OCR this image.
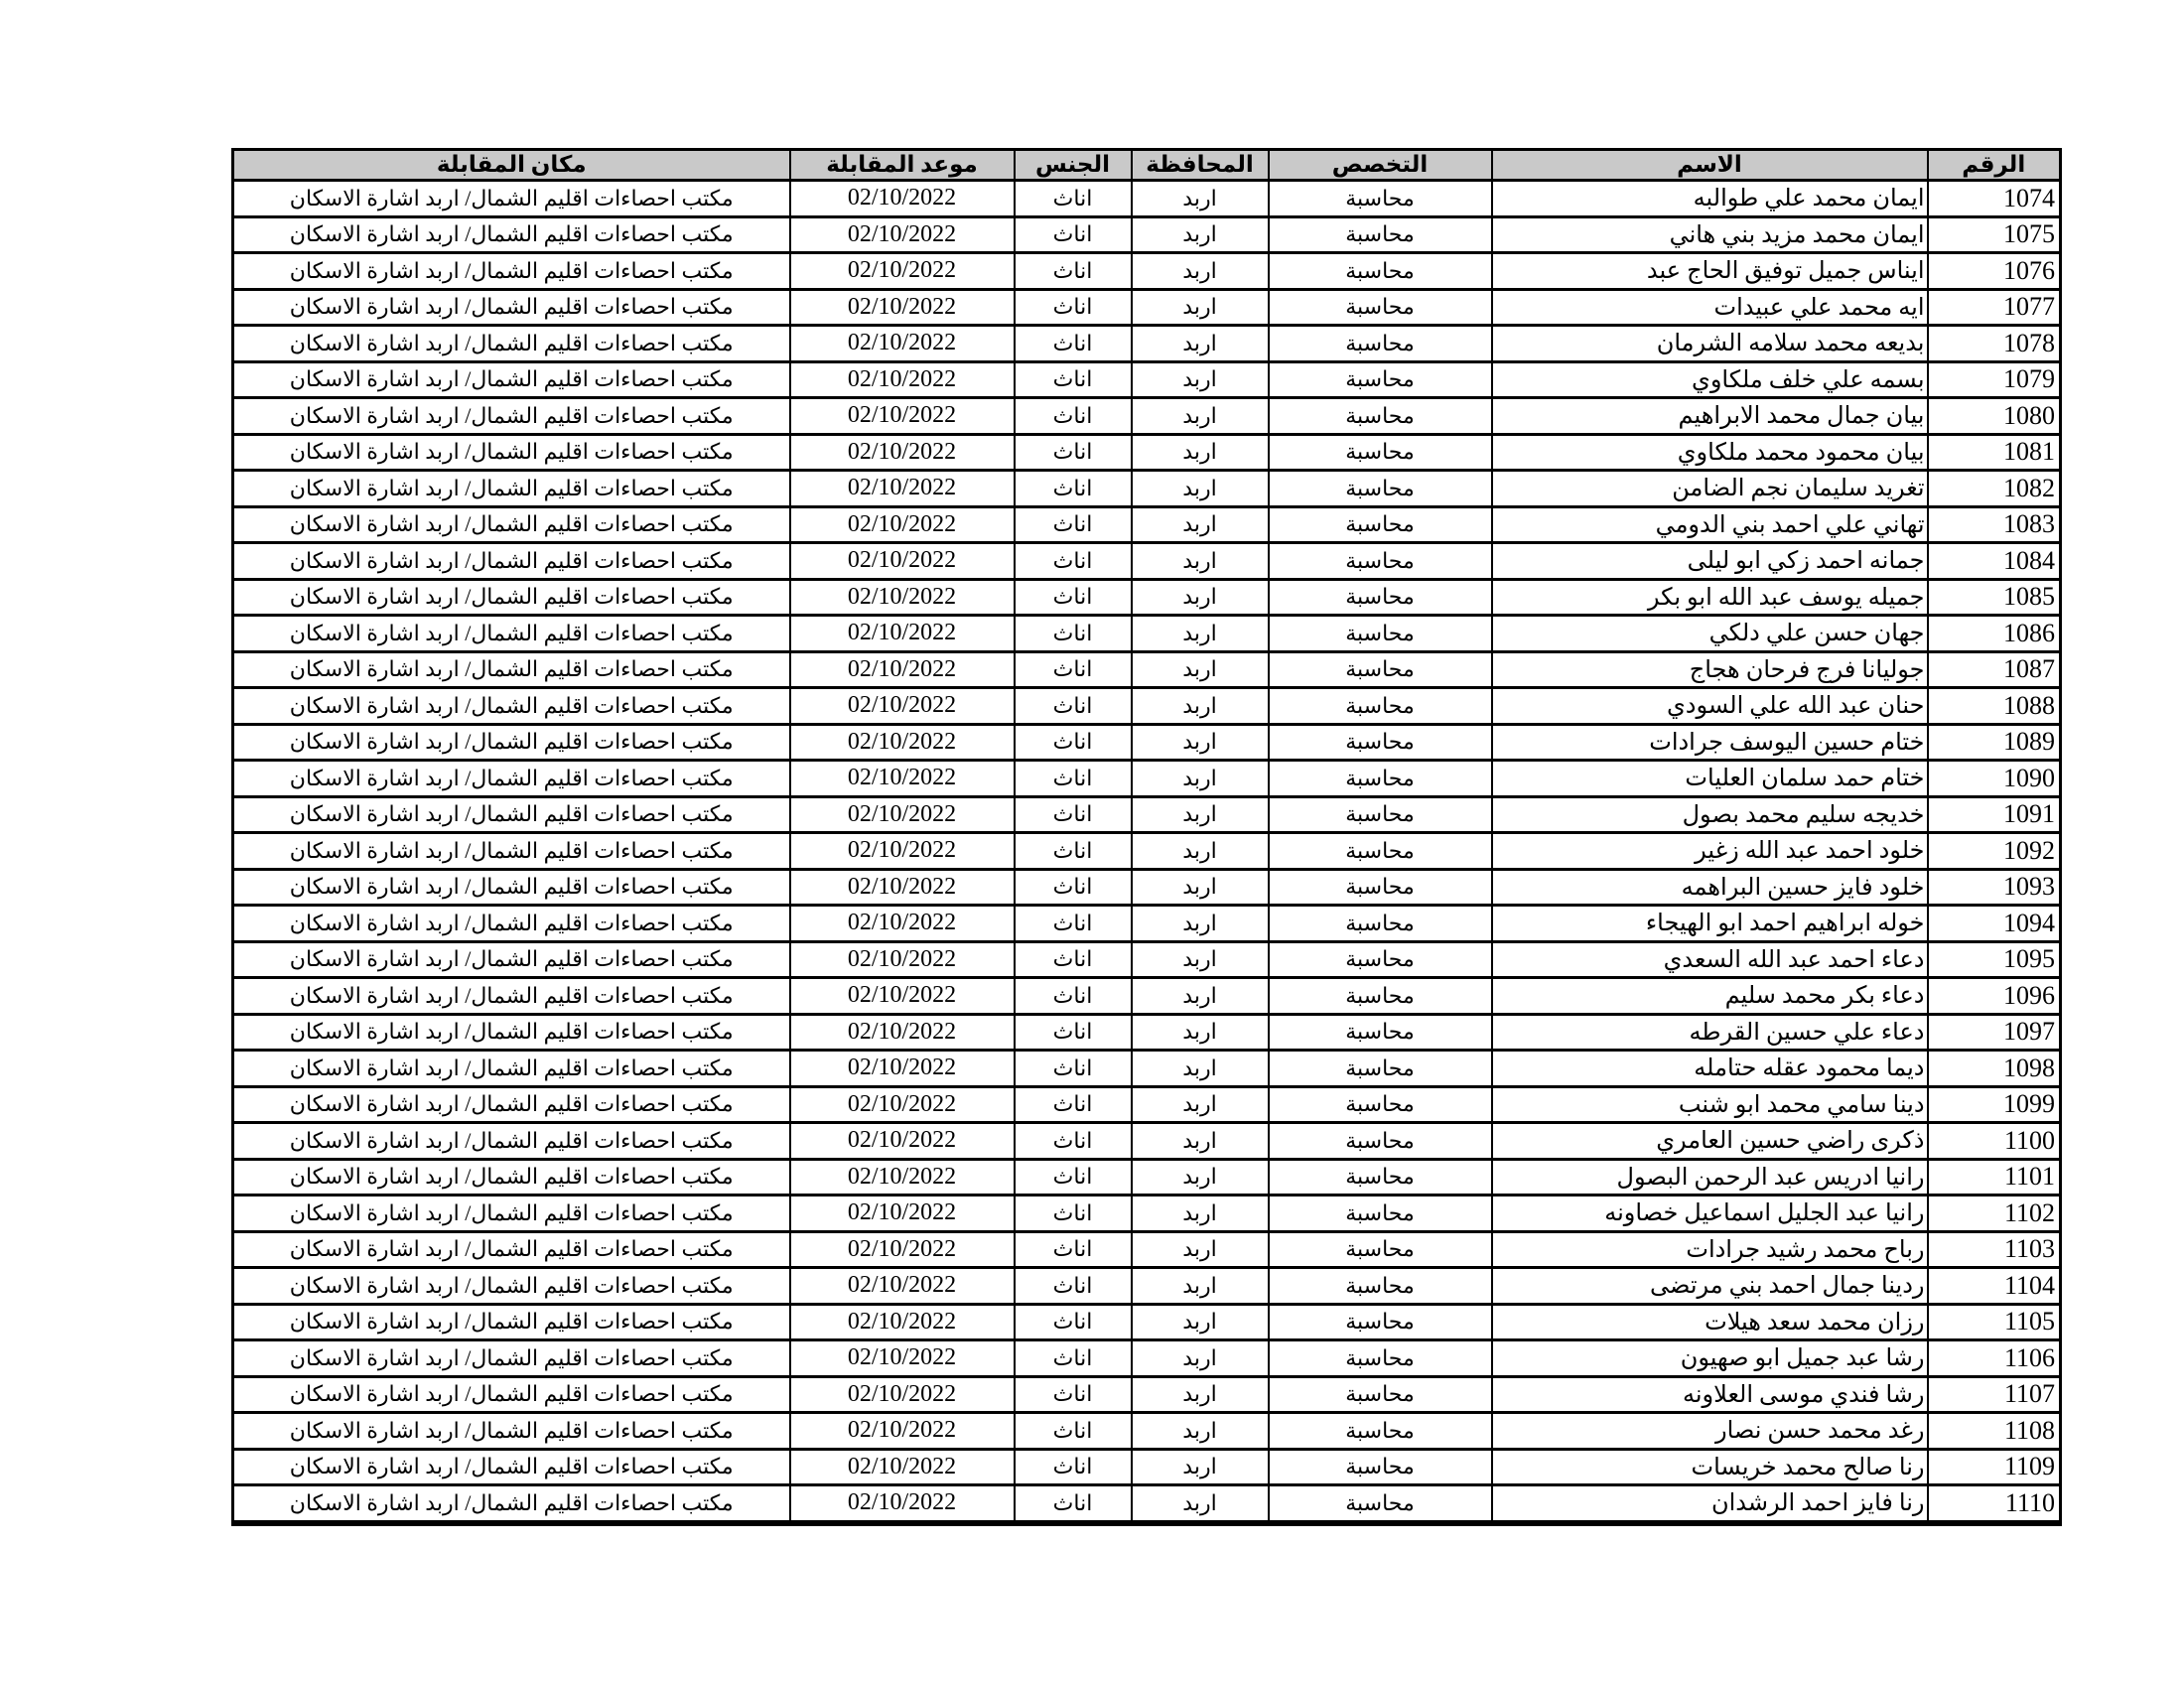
الرقم	الاسم	التخصص	المحافظة	الجنس	موعد المقابلة	مكان المقابلة
1074	ايمان محمد علي طوالبه	محاسبة	اربد	اناث	02/10/2022	مكتب احصاءات اقليم الشمال/ اربد اشارة الاسكان
1075	ايمان محمد مزيد بني هاني	محاسبة	اربد	اناث	02/10/2022	مكتب احصاءات اقليم الشمال/ اربد اشارة الاسكان
1076	ايناس جميل توفيق الحاج عبد	محاسبة	اربد	اناث	02/10/2022	مكتب احصاءات اقليم الشمال/ اربد اشارة الاسكان
1077	ايه محمد علي عبيدات	محاسبة	اربد	اناث	02/10/2022	مكتب احصاءات اقليم الشمال/ اربد اشارة الاسكان
1078	بديعه محمد سلامه الشرمان	محاسبة	اربد	اناث	02/10/2022	مكتب احصاءات اقليم الشمال/ اربد اشارة الاسكان
1079	بسمه علي خلف ملكاوي	محاسبة	اربد	اناث	02/10/2022	مكتب احصاءات اقليم الشمال/ اربد اشارة الاسكان
1080	بيان جمال محمد الابراهيم	محاسبة	اربد	اناث	02/10/2022	مكتب احصاءات اقليم الشمال/ اربد اشارة الاسكان
1081	بيان محمود محمد ملكاوي	محاسبة	اربد	اناث	02/10/2022	مكتب احصاءات اقليم الشمال/ اربد اشارة الاسكان
1082	تغريد سليمان نجم الضامن	محاسبة	اربد	اناث	02/10/2022	مكتب احصاءات اقليم الشمال/ اربد اشارة الاسكان
1083	تهاني علي احمد بني الدومي	محاسبة	اربد	اناث	02/10/2022	مكتب احصاءات اقليم الشمال/ اربد اشارة الاسكان
1084	جمانه احمد زكي ابو ليلى	محاسبة	اربد	اناث	02/10/2022	مكتب احصاءات اقليم الشمال/ اربد اشارة الاسكان
1085	جميله يوسف عبد الله ابو بكر	محاسبة	اربد	اناث	02/10/2022	مكتب احصاءات اقليم الشمال/ اربد اشارة الاسكان
1086	جهان حسن علي دلكي	محاسبة	اربد	اناث	02/10/2022	مكتب احصاءات اقليم الشمال/ اربد اشارة الاسكان
1087	جوليانا فرج فرحان هجاج	محاسبة	اربد	اناث	02/10/2022	مكتب احصاءات اقليم الشمال/ اربد اشارة الاسكان
1088	حنان عبد الله علي السودي	محاسبة	اربد	اناث	02/10/2022	مكتب احصاءات اقليم الشمال/ اربد اشارة الاسكان
1089	ختام حسين اليوسف جرادات	محاسبة	اربد	اناث	02/10/2022	مكتب احصاءات اقليم الشمال/ اربد اشارة الاسكان
1090	ختام حمد سلمان العليات	محاسبة	اربد	اناث	02/10/2022	مكتب احصاءات اقليم الشمال/ اربد اشارة الاسكان
1091	خديجه سليم محمد بصول	محاسبة	اربد	اناث	02/10/2022	مكتب احصاءات اقليم الشمال/ اربد اشارة الاسكان
1092	خلود احمد عبد الله زغير	محاسبة	اربد	اناث	02/10/2022	مكتب احصاءات اقليم الشمال/ اربد اشارة الاسكان
1093	خلود فايز حسين البراهمه	محاسبة	اربد	اناث	02/10/2022	مكتب احصاءات اقليم الشمال/ اربد اشارة الاسكان
1094	خوله ابراهيم احمد ابو الهيجاء	محاسبة	اربد	اناث	02/10/2022	مكتب احصاءات اقليم الشمال/ اربد اشارة الاسكان
1095	دعاء احمد عبد الله السعدي	محاسبة	اربد	اناث	02/10/2022	مكتب احصاءات اقليم الشمال/ اربد اشارة الاسكان
1096	دعاء بكر محمد سليم	محاسبة	اربد	اناث	02/10/2022	مكتب احصاءات اقليم الشمال/ اربد اشارة الاسكان
1097	دعاء علي حسين القرطه	محاسبة	اربد	اناث	02/10/2022	مكتب احصاءات اقليم الشمال/ اربد اشارة الاسكان
1098	ديما محمود عقله حتامله	محاسبة	اربد	اناث	02/10/2022	مكتب احصاءات اقليم الشمال/ اربد اشارة الاسكان
1099	دينا سامي محمد ابو شنب	محاسبة	اربد	اناث	02/10/2022	مكتب احصاءات اقليم الشمال/ اربد اشارة الاسكان
1100	ذكرى راضي حسين العامري	محاسبة	اربد	اناث	02/10/2022	مكتب احصاءات اقليم الشمال/ اربد اشارة الاسكان
1101	رانيا ادريس عبد الرحمن البصول	محاسبة	اربد	اناث	02/10/2022	مكتب احصاءات اقليم الشمال/ اربد اشارة الاسكان
1102	رانيا عبد الجليل اسماعيل خصاونه	محاسبة	اربد	اناث	02/10/2022	مكتب احصاءات اقليم الشمال/ اربد اشارة الاسكان
1103	رباح محمد رشيد جرادات	محاسبة	اربد	اناث	02/10/2022	مكتب احصاءات اقليم الشمال/ اربد اشارة الاسكان
1104	ردينا جمال احمد بني مرتضى	محاسبة	اربد	اناث	02/10/2022	مكتب احصاءات اقليم الشمال/ اربد اشارة الاسكان
1105	رزان محمد سعد هيلات	محاسبة	اربد	اناث	02/10/2022	مكتب احصاءات اقليم الشمال/ اربد اشارة الاسكان
1106	رشا عبد جميل ابو صهيون	محاسبة	اربد	اناث	02/10/2022	مكتب احصاءات اقليم الشمال/ اربد اشارة الاسكان
1107	رشا فندي موسى العلاونه	محاسبة	اربد	اناث	02/10/2022	مكتب احصاءات اقليم الشمال/ اربد اشارة الاسكان
1108	رغد محمد حسن نصار	محاسبة	اربد	اناث	02/10/2022	مكتب احصاءات اقليم الشمال/ اربد اشارة الاسكان
1109	رنا صالح محمد خريسات	محاسبة	اربد	اناث	02/10/2022	مكتب احصاءات اقليم الشمال/ اربد اشارة الاسكان
1110	رنا فايز احمد الرشدان	محاسبة	اربد	اناث	02/10/2022	مكتب احصاءات اقليم الشمال/ اربد اشارة الاسكان
